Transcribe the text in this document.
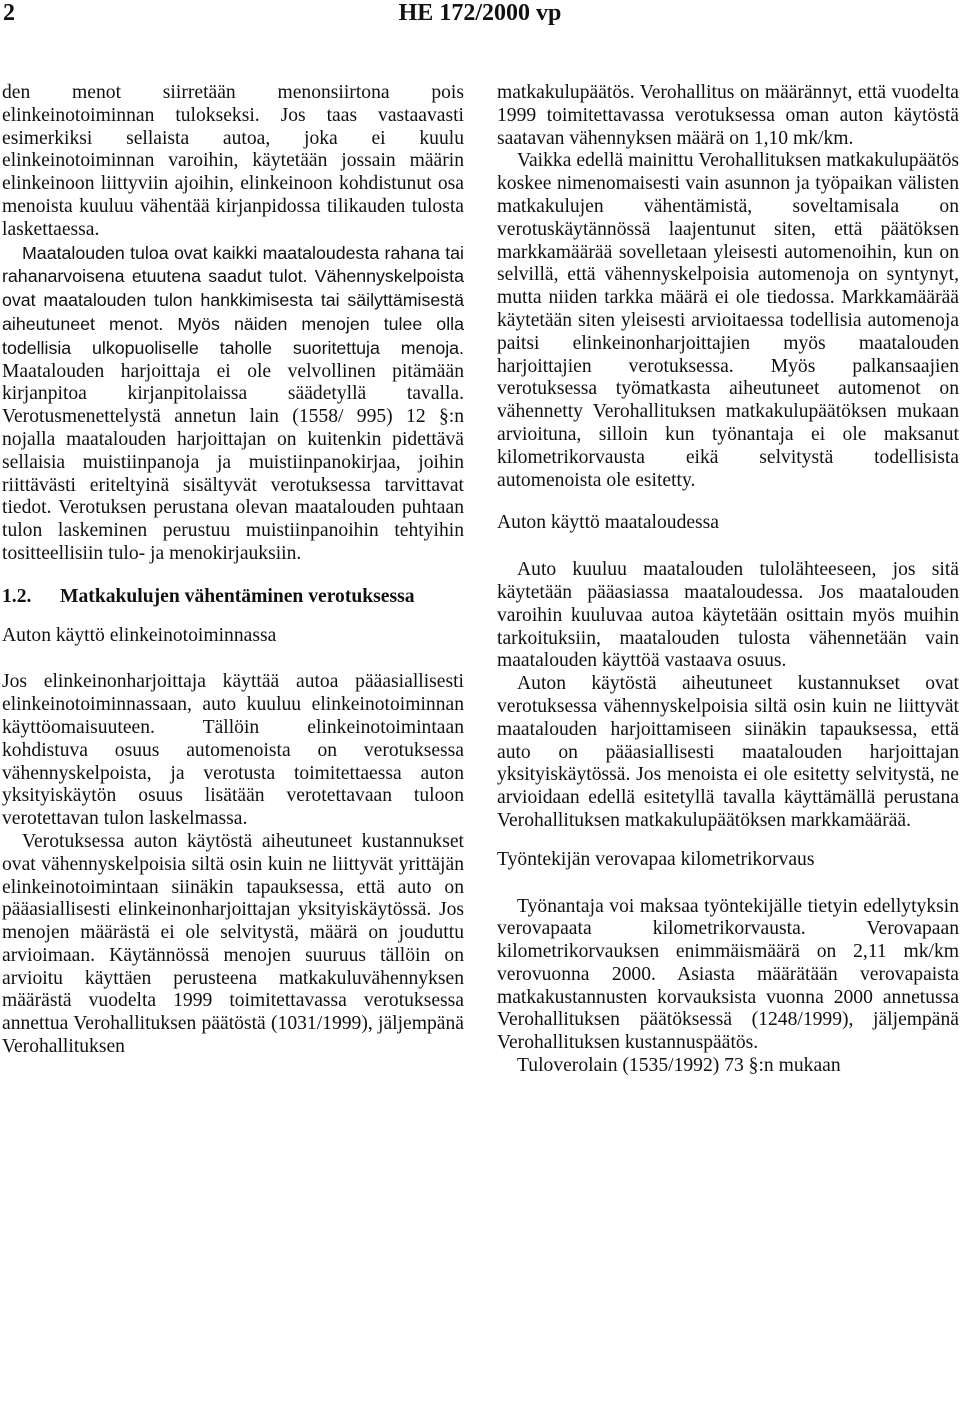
2	HE 172/2000 vp

den menot siirretään menonsiirtona pois elinkeinotoiminnan tulokseksi. Jos taas vastaavasti esimerkiksi sellaista autoa, joka ei kuulu elinkeinotoiminnan varoihin, käytetään jossain määrin elinkeinoon liittyviin ajoihin, elinkeinoon kohdistunut osa menoista kuuluu vähentää kirjanpidossa tilikauden tulosta laskettaessa.

Maatalouden tuloa ovat kaikki maataloudesta rahana tai rahanarvoisena etuutena saadut tulot. Vähennyskelpoista ovat maatalouden tulon hankkimisesta tai säilyttämisestä aiheutuneet menot. Myös näiden menojen tulee olla todellisia ulkopuoliselle taholle suoritettuja menoja. Maatalouden harjoittaja ei ole velvollinen pitämään kirjanpitoa kirjanpitolaissa säädetyllä tavalla. Verotusmenettelystä annetun lain (1558/ 995) 12 §:n nojalla maatalouden harjoittajan on kuitenkin pidettävä sellaisia muistiinpanoja ja muistiinpanokirjaa, joihin riittävästi eriteltyinä sisältyvät verotuksessa tarvittavat tiedot. Verotuksen perustana olevan maatalouden puhtaan tulon laskeminen perustuu muistiinpanoihin tehtyihin tositteellisiin tulo- ja menokirjauksiin.

1.2.	Matkakulujen vähentäminen verotuksessa
Auton käyttö elinkeinotoiminnassa

Jos elinkeinonharjoittaja käyttää autoa pääasiallisesti elinkeinotoiminnassaan, auto kuuluu elinkeinotoiminnan käyttöomaisuuteen. Tällöin elinkeinotoimintaan kohdistuva osuus automenoista on verotuksessa vähennyskelpoista, ja verotusta toimitettaessa auton yksityiskäytön osuus lisätään verotettavaan tuloon verotettavan tulon laskelmassa.

Verotuksessa auton käytöstä aiheutuneet kustannukset ovat vähennyskelpoisia siltä osin kuin ne liittyvät yrittäjän elinkeinotoimintaan siinäkin tapauksessa, että auto on pääasiallisesti elinkeinonharjoittajan yksityiskäytössä. Jos menojen määrästä ei ole selvitystä, määrä on jouduttu arvioimaan. Käytännössä menojen suuruus tällöin on arvioitu käyttäen perusteena matkakuluvähennyksen määrästä vuodelta 1999 toimitettavassa verotuksessa annettua Verohallituksen päätöstä (1031/1999), jäljempänä Verohallituksen

matkakulupäätös. Verohallitus on määrännyt, että vuodelta 1999 toimitettavassa verotuksessa oman auton käytöstä saatavan vähennyksen määrä on 1,10 mk/km.

Vaikka edellä mainittu Verohallituksen matkakulupäätös koskee nimenomaisesti vain asunnon ja työpaikan välisten matkakulujen vähentämistä, soveltamisala on verotuskäytännössä laajentunut siten, että päätöksen markkamäärää sovelletaan yleisesti automenoihin, kun on selvillä, että vähennyskelpoisia automenoja on syntynyt, mutta niiden tarkka määrä ei ole tiedossa. Markkamäärää käytetään siten yleisesti arvioitaessa todellisia automenoja paitsi elinkeinonharjoittajien myös maatalouden harjoittajien verotuksessa. Myös palkansaajien verotuksessa työmatkasta aiheutuneet automenot on vähennetty Verohallituksen matkakulupäätöksen mukaan arvioituna, silloin kun työnantaja ei ole maksanut kilometrikorvausta eikä selvitystä todellisista automenoista ole esitetty.

Auton käyttö maataloudessa

Auto kuuluu maatalouden tulolähteeseen, jos sitä käytetään pääasiassa maataloudessa. Jos maatalouden varoihin kuuluvaa autoa käytetään osittain myös muihin tarkoituksiin, maatalouden tulosta vähennetään vain maatalouden käyttöä vastaava osuus.

Auton käytöstä aiheutuneet kustannukset ovat verotuksessa vähennyskelpoisia siltä osin kuin ne liittyvät maatalouden harjoittamiseen siinäkin tapauksessa, että auto on pääasiallisesti maatalouden harjoittajan yksityiskäytössä. Jos menoista ei ole esitetty selvitystä, ne arvioidaan edellä esitetyllä tavalla käyttämällä perustana Verohallituksen matkakulupäätöksen markkamäärää.

Työntekijän verovapaa kilometrikorvaus

Työnantaja voi maksaa työntekijälle tietyin edellytyksin verovapaata kilometrikorvausta. Verovapaan kilometrikorvauksen enimmäismäärä on 2,11 mk/km verovuonna 2000. Asiasta määrätään verovapaista matkakustannusten korvauksista vuonna 2000 annetussa Verohallituksen päätöksessä (1248/1999), jäljempänä Verohallituksen kustannuspäätös.

Tuloverolain (1535/1992) 73 §:n mukaan
